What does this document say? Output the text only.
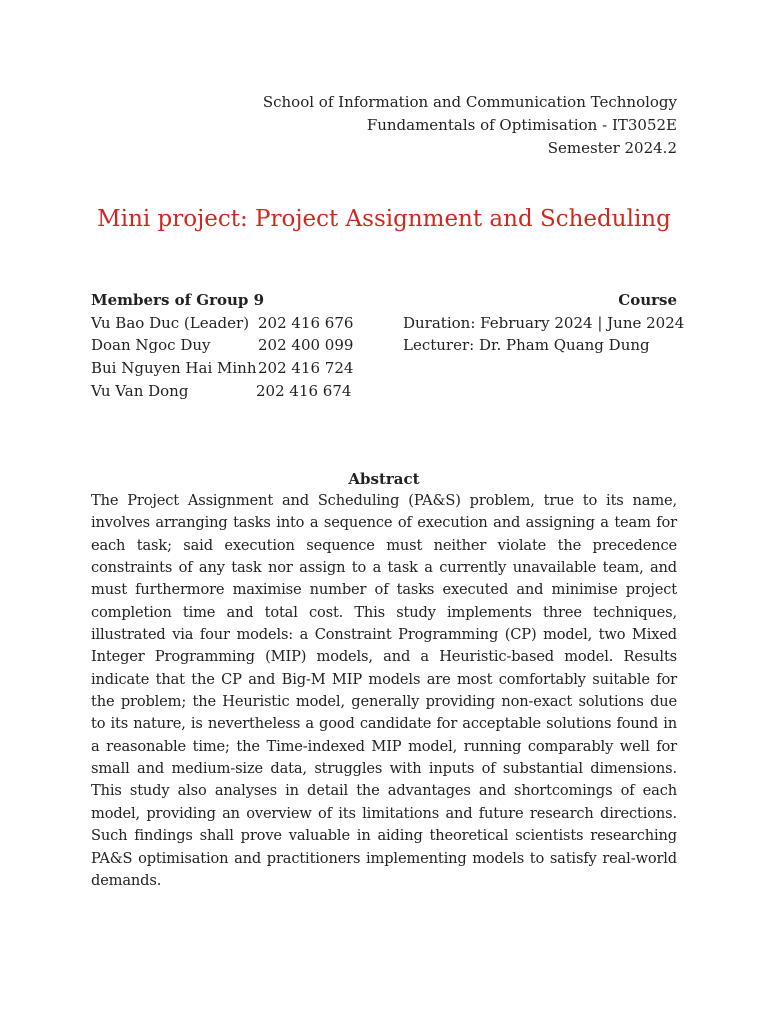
School of Information and Communication Technology
Fundamentals of Optimisation - IT3052E
Semester 2024.2
Mini project: Project Assignment and Scheduling
Members of Group 9
Vu Bao Duc (Leader) 202 416 676
Doan Ngoc Duy	202 400 099
Bui Nguyen Hai Minh 202 416 724
Vu Van Dong	202 416 674
Course
Duration: February 2024 | June 2024
Lecturer: Dr. Pham Quang Dung
Abstract
The Project Assignment and Scheduling (PA&S) problem, true to its name, involves arranging tasks into a sequence of execution and assigning a team for each task; said execution sequence must neither violate the precedence constraints of any task nor assign to a task a currently unavailable team, and must furthermore maximise number of tasks executed and minimise project completion time and total cost. This study implements three techniques, illustrated via four models: a Constraint Programming (CP) model, two Mixed Integer Programming (MIP) models, and a Heuristic-based model. Results indicate that the CP and Big-M MIP models are most comfortably suitable for the problem; the Heuristic model, generally providing non-exact solutions due to its nature, is nevertheless a good candidate for acceptable solutions found in a reasonable time; the Time-indexed MIP model, running comparably well for small and medium-size data, struggles with inputs of substantial dimensions. This study also analyses in detail the advantages and shortcomings of each model, providing an overview of its limitations and future research directions. Such findings shall prove valuable in aiding theoretical scientists researching PA&S optimisation and practitioners implementing models to satisfy real-world demands.
